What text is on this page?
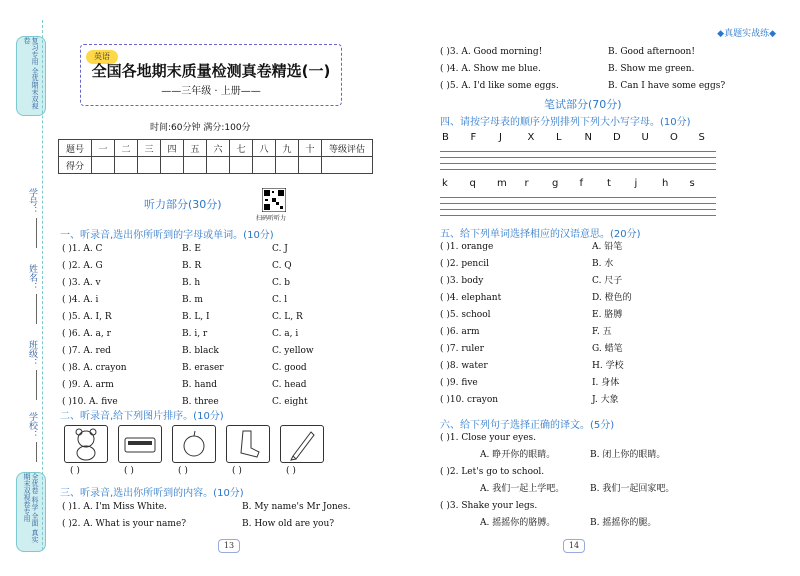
复习专用 全优期末双视卷
学号：
姓名：
班级：
学校：
全优卷 科学 全面 真实 期末双视卷专用
英语
全国各地期末质量检测真卷精选(一)
——三年级 · 上册——
时间:60分钟 满分:100分
题号	一	二	三	四	五	六	七	八	九	十	等级评估
得分											
听力部分(30分)
扫码听听力
一、听录音,选出你所听到的字母或单词。(10分)
( )1. A. C	B. E	C. J
( )2. A. G	B. R	C. Q
( )3. A. v	B. h	C. b
( )4. A. i	B. m	C. l
( )5. A. I, R	B. L, I	C. L, R
( )6. A. a, r	B. i, r	C. a, i
( )7. A. red	B. black	C. yellow
( )8. A. crayon	B. eraser	C. good
( )9. A. arm	B. hand	C. head
( )10. A. five	B. three	C. eight
二、听录音,给下列图片排序。(10分)
( )	( )	( )	( )	( )
三、听录音,选出你所听到的内容。(10分)
( )1. A. I'm Miss White.	B. My name's Mr Jones.
( )2. A. What is your name?	B. How old are you?
13
◆真题实战练◆
( )3. A. Good morning!	B. Good afternoon!
( )4. A. Show me blue.	B. Show me green.
( )5. A. I'd like some eggs.	B. Can I have some eggs?
笔试部分(70分)
四、请按字母表的顺序分别排列下列大小写字母。(10分)
B F J	X L N D U O S
k q m r g f t j h s
五、给下列单词选择相应的汉语意思。(20分)
( )1. orange	A. 铅笔
( )2. pencil	B. 水
( )3. body	C. 尺子
( )4. elephant	D. 橙色的
( )5. school	E. 胳膊
( )6. arm	F. 五
( )7. ruler	G. 蜡笔
( )8. water	H. 学校
( )9. five	I. 身体
( )10. crayon	J. 大象
六、给下列句子选择正确的译文。(5分)
( )1. Close your eyes.
A. 睁开你的眼睛。	B. 闭上你的眼睛。
( )2. Let's go to school.
A. 我们一起上学吧。	B. 我们一起回家吧。
( )3. Shake your legs.
A. 摇摇你的胳膊。	B. 摇摇你的腿。
14
